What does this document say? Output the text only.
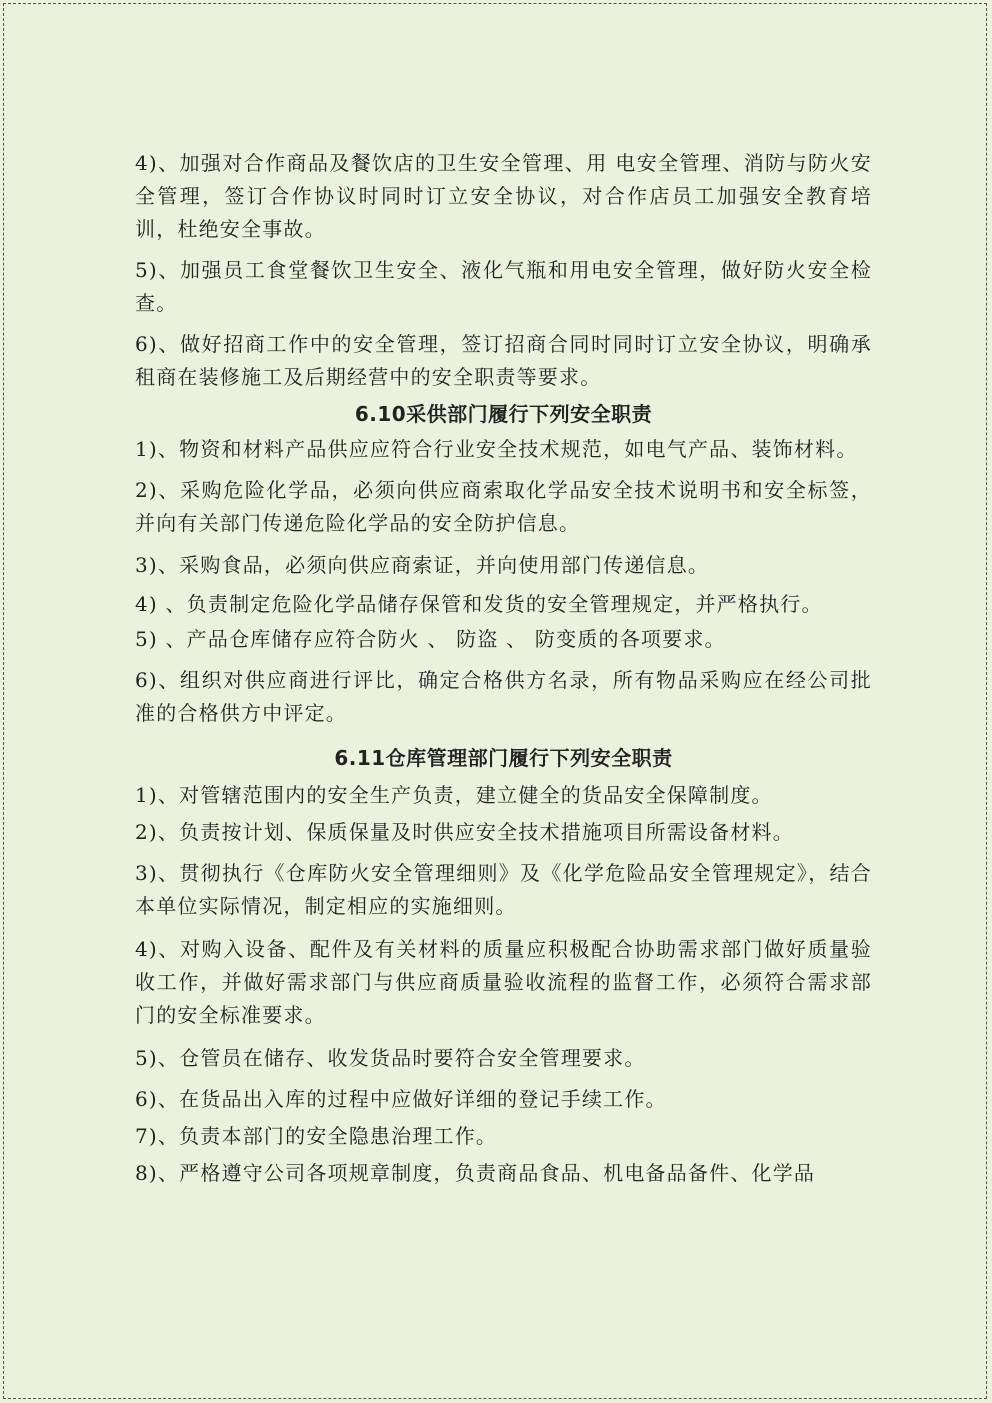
4)、加强对合作商品及餐饮店的卫生安全管理、用 电安全管理、消防与防火安全管理，签订合作协议时同时订立安全协议，对合作店员工加强安全教育培训，杜绝安全事故。

5)、加强员工食堂餐饮卫生安全、液化气瓶和用电安全管理，做好防火安全检查。

6)、做好招商工作中的安全管理，签订招商合同时同时订立安全协议，明确承租商在装修施工及后期经营中的安全职责等要求。

6.10采供部门履行下列安全职责

1)、物资和材料产品供应应符合行业安全技术规范，如电气产品、装饰材料。

2)、采购危险化学品，必须向供应商索取化学品安全技术说明书和安全标签，并向有关部门传递危险化学品的安全防护信息。

3)、采购食品，必须向供应商索证，并向使用部门传递信息。

4) 、负责制定危险化学品储存保管和发货的安全管理规定，并严格执行。

5) 、产品仓库储存应符合防火 、 防盗 、 防变质的各项要求。

6)、组织对供应商进行评比，确定合格供方名录，所有物品采购应在经公司批准的合格供方中评定。

6.11仓库管理部门履行下列安全职责

1)、对管辖范围内的安全生产负责，建立健全的货品安全保障制度。

2)、负责按计划、保质保量及时供应安全技术措施项目所需设备材料。

3)、贯彻执行《仓库防火安全管理细则》及《化学危险品安全管理规定》，结合本单位实际情况，制定相应的实施细则。

4)、对购入设备、配件及有关材料的质量应积极配合协助需求部门做好质量验收工作，并做好需求部门与供应商质量验收流程的监督工作，必须符合需求部门的安全标准要求。

5)、仓管员在储存、收发货品时要符合安全管理要求。

6)、在货品出入库的过程中应做好详细的登记手续工作。

7)、负责本部门的安全隐患治理工作。

8)、严格遵守公司各项规章制度，负责商品食品、机电备品备件、化学品
